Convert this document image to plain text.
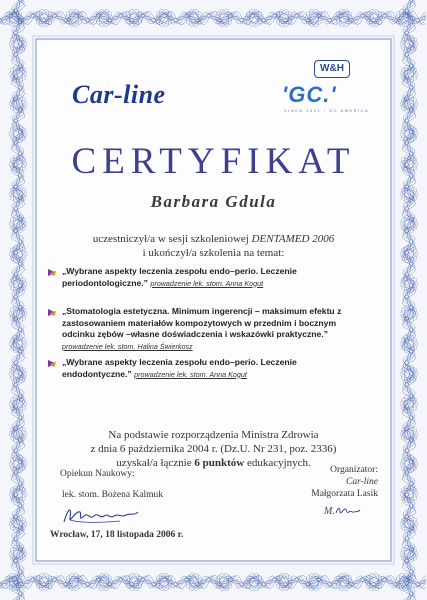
W&H
Car-line	'GC.'
SINCE 1921 / GC AMERICA
CERTYFIKAT
Barbara Gdula
uczestniczył/a w sesji szkoleniowej DENTAMED 2006
i ukończył/a szkolenia na temat:
„Wybrane aspekty leczenia zespołu endo–perio. Leczenie
periodontologiczne.” prowadzenie lek. stom. Anna Kogut
„Stomatologia estetyczna. Minimum ingerencji – maksimum efektu z
zastosowaniem materiałów kompozytowych w przednim i bocznym
odcinku zębów –własne doświadczenia i wskazówki praktyczne.”
prowadzenie lek. stom. Halina Świerkosz
„Wybrane aspekty leczenia zespołu endo–perio. Leczenie
endodontyczne.” prowadzenie lek. stom. Anna Kogut
Na podstawie rozporządzenia Ministra Zdrowia
z dnia 6 października 2004 r. (Dz.U. Nr 231, poz. 2336)
uzyskał/a łącznie 6 punktów edukacyjnych.
Opiekun Naukowy:
lek. stom. Bożena Kalmuk
Organizator:
Car-line
Małgorzata Lasik
M.
Wrocław, 17, 18 listopada 2006 r.
